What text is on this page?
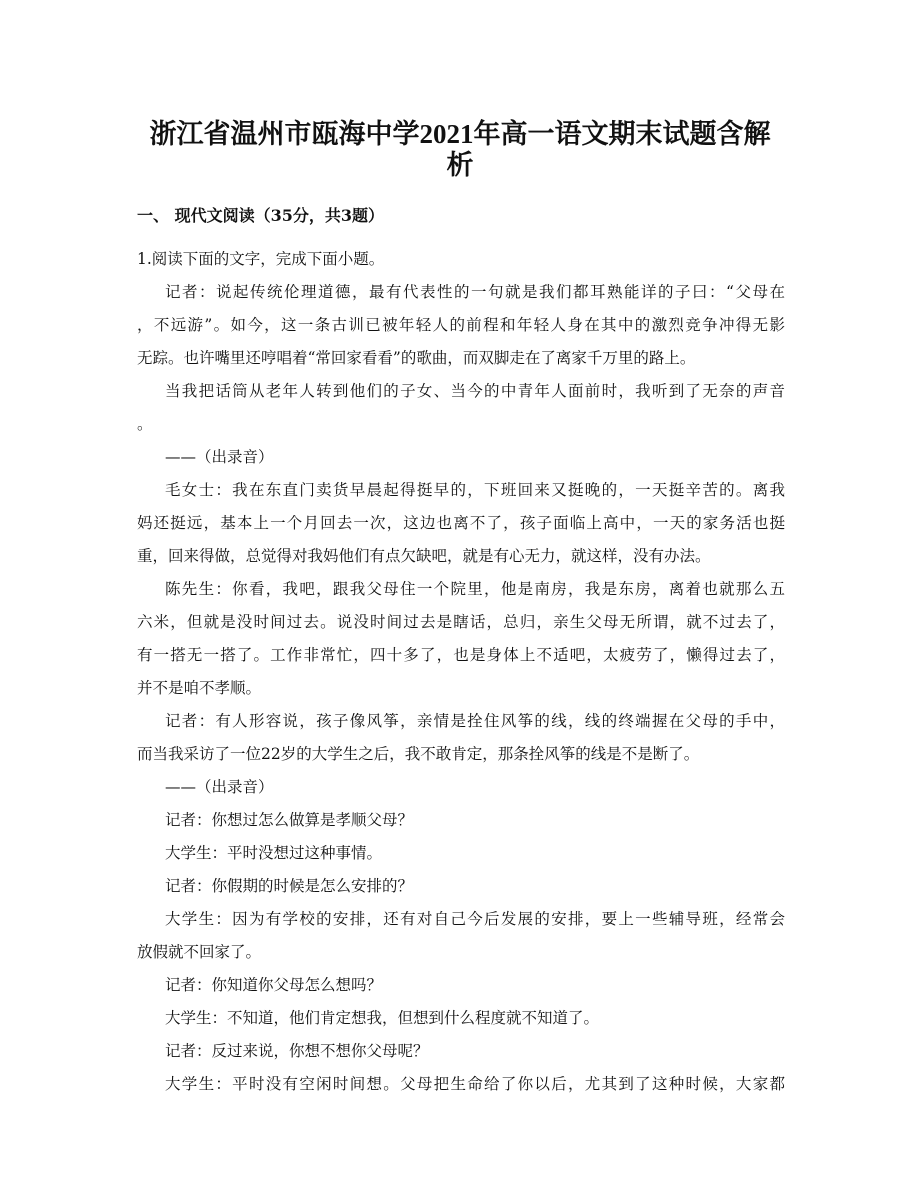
浙江省温州市瓯海中学2021年高一语文期末试题含解
析
一、 现代文阅读（35分，共3题）
1.阅读下面的文字，完成下面小题。
记者：说起传统伦理道德，最有代表性的一句就是我们都耳熟能详的子曰：“父母在
，不远游”。如今，这一条古训已被年轻人的前程和年轻人身在其中的激烈竞争冲得无影
无踪。也许嘴里还哼唱着“常回家看看”的歌曲，而双脚走在了离家千万里的路上。
当我把话筒从老年人转到他们的子女、当今的中青年人面前时，我听到了无奈的声音
。
——（出录音）
毛女士：我在东直门卖货早晨起得挺早的，下班回来又挺晚的，一天挺辛苦的。离我
妈还挺远，基本上一个月回去一次，这边也离不了，孩子面临上高中，一天的家务活也挺
重，回来得做，总觉得对我妈他们有点欠缺吧，就是有心无力，就这样，没有办法。
陈先生：你看，我吧，跟我父母住一个院里，他是南房，我是东房，离着也就那么五
六米，但就是没时间过去。说没时间过去是瞎话，总归，亲生父母无所谓，就不过去了，
有一搭无一搭了。工作非常忙，四十多了，也是身体上不适吧，太疲劳了，懒得过去了，
并不是咱不孝顺。
记者：有人形容说，孩子像风筝，亲情是拴住风筝的线，线的终端握在父母的手中，
而当我采访了一位22岁的大学生之后，我不敢肯定，那条拴风筝的线是不是断了。
——（出录音）
记者：你想过怎么做算是孝顺父母？
大学生：平时没想过这种事情。
记者：你假期的时候是怎么安排的？
大学生：因为有学校的安排，还有对自己今后发展的安排，要上一些辅导班，经常会
放假就不回家了。
记者：你知道你父母怎么想吗？
大学生：不知道，他们肯定想我，但想到什么程度就不知道了。
记者：反过来说，你想不想你父母呢？
大学生：平时没有空闲时间想。父母把生命给了你以后，尤其到了这种时候，大家都
